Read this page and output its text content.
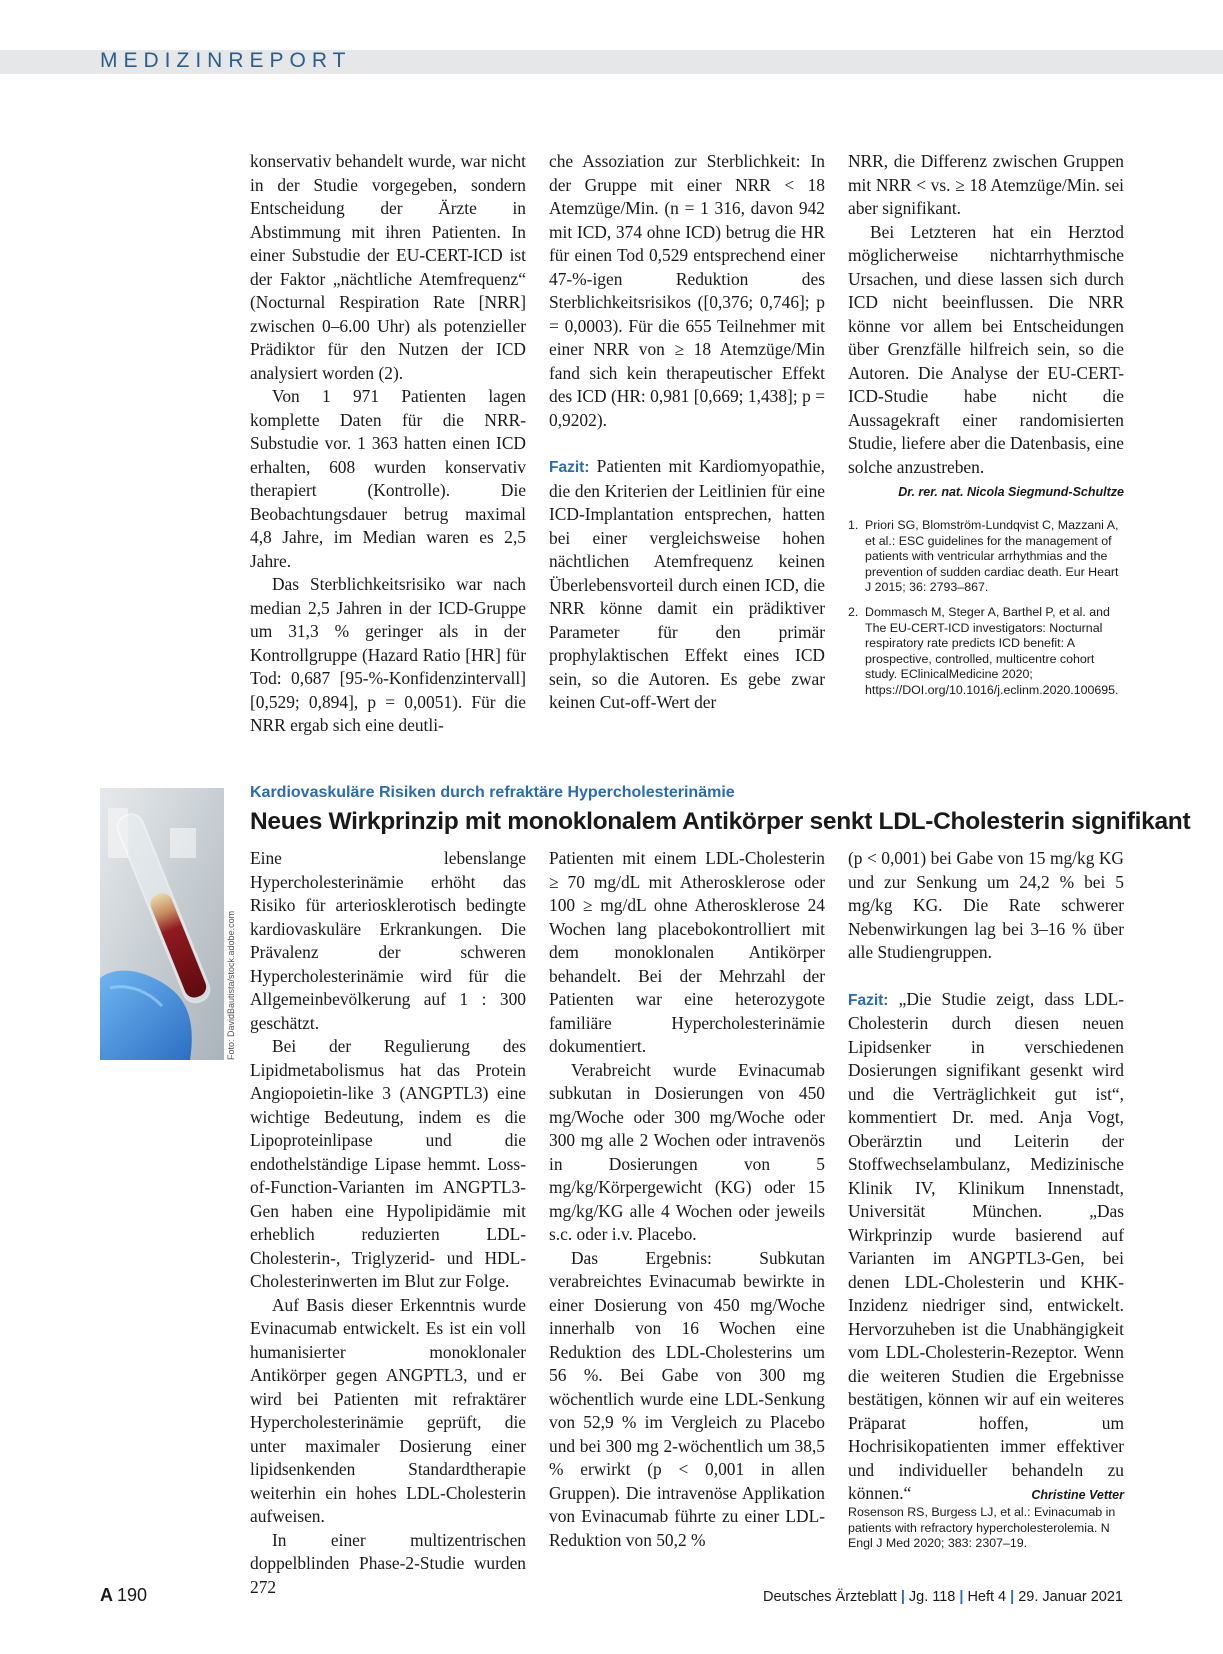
MEDIZINREPORT

konservativ behandelt wurde, war nicht in der Studie vorgegeben, sondern Entscheidung der Ärzte in Abstimmung mit ihren Patienten. In einer Substudie der EU-CERT-ICD ist der Faktor „nächtliche Atemfrequenz“ (Nocturnal Respiration Rate [NRR] zwischen 0–6.00 Uhr) als potenzieller Prädiktor für den Nutzen der ICD analysiert worden (2).

Von 1 971 Patienten lagen komplette Daten für die NRR-Substudie vor. 1 363 hatten einen ICD erhalten, 608 wurden konservativ therapiert (Kontrolle). Die Beobachtungsdauer betrug maximal 4,8 Jahre, im Median waren es 2,5 Jahre.

Das Sterblichkeitsrisiko war nach median 2,5 Jahren in der ICD-Gruppe um 31,3 % geringer als in der Kontrollgruppe (Hazard Ratio [HR] für Tod: 0,687 [95-%-Konfidenzintervall] [0,529; 0,894], p = 0,0051). Für die NRR ergab sich eine deutli-

che Assoziation zur Sterblichkeit: In der Gruppe mit einer NRR < 18 Atemzüge/Min. (n = 1 316, davon 942 mit ICD, 374 ohne ICD) betrug die HR für einen Tod 0,529 entsprechend einer 47-%-igen Reduktion des Sterblichkeitsrisikos ([0,376; 0,746]; p = 0,0003). Für die 655 Teilnehmer mit einer NRR von ≥ 18 Atemzüge/Min fand sich kein therapeutischer Effekt des ICD (HR: 0,981 [0,669; 1,438]; p = 0,9202).

Fazit: Patienten mit Kardiomyopathie, die den Kriterien der Leitlinien für eine ICD-Implantation entsprechen, hatten bei einer vergleichsweise hohen nächtlichen Atemfrequenz keinen Überlebensvorteil durch einen ICD, die NRR könne damit ein prädiktiver Parameter für den primär prophylaktischen Effekt eines ICD sein, so die Autoren. Es gebe zwar keinen Cut-off-Wert der

NRR, die Differenz zwischen Gruppen mit NRR < vs. ≥ 18 Atemzüge/Min. sei aber signifikant.

Bei Letzteren hat ein Herztod möglicherweise nichtarrhythmische Ursachen, und diese lassen sich durch ICD nicht beeinflussen. Die NRR könne vor allem bei Entscheidungen über Grenzfälle hilfreich sein, so die Autoren. Die Analyse der EU-CERT-ICD-Studie habe nicht die Aussagekraft einer randomisierten Studie, liefere aber die Datenbasis, eine solche anzustreben.
Dr. rer. nat. Nicola Siegmund-Schultze

1. Priori SG, Blomström-Lundqvist C, Mazzani A, et al.: ESC guidelines for the management of patients with ventricular arrhythmias and the prevention of sudden cardiac death. Eur Heart J 2015; 36: 2793–867.
2. Dommasch M, Steger A, Barthel P, et al. and The EU-CERT-ICD investigators: Nocturnal respiratory rate predicts ICD benefit: A prospective, controlled, multicentre cohort study. EClinicalMedicine 2020; https://DOI.org/10.1016/j.eclinm.2020.100695.
Foto: DavidBautista/stock.adobe.com
Kardiovaskuläre Risiken durch refraktäre Hypercholesterinämie
Neues Wirkprinzip mit monoklonalem Antikörper senkt LDL-Cholesterin signifikant

Eine lebenslange Hypercholesterinämie erhöht das Risiko für arteriosklerotisch bedingte kardiovaskuläre Erkrankungen. Die Prävalenz der schweren Hypercholesterinämie wird für die Allgemeinbevölkerung auf 1 : 300 geschätzt.

Bei der Regulierung des Lipidmetabolismus hat das Protein Angiopoietin-like 3 (ANGPTL3) eine wichtige Bedeutung, indem es die Lipoproteinlipase und die endothelständige Lipase hemmt. Loss-of-Function-Varianten im ANGPTL3-Gen haben eine Hypolipidämie mit erheblich reduzierten LDL-Cholesterin-, Triglyzerid- und HDL-Cholesterinwerten im Blut zur Folge.

Auf Basis dieser Erkenntnis wurde Evinacumab entwickelt. Es ist ein voll humanisierter monoklonaler Antikörper gegen ANGPTL3, und er wird bei Patienten mit refraktärer Hypercholesterinämie geprüft, die unter maximaler Dosierung einer lipidsenkenden Standardtherapie weiterhin ein hohes LDL-Cholesterin aufweisen.

In einer multizentrischen doppelblinden Phase-2-Studie wurden 272

Patienten mit einem LDL-Cholesterin ≥ 70 mg/dL mit Atherosklerose oder 100 ≥ mg/dL ohne Atherosklerose 24 Wochen lang placebokontrolliert mit dem monoklonalen Antikörper behandelt. Bei der Mehrzahl der Patienten war eine heterozygote familiäre Hypercholesterinämie dokumentiert.

Verabreicht wurde Evinacumab subkutan in Dosierungen von 450 mg/Woche oder 300 mg/Woche oder 300 mg alle 2 Wochen oder intravenös in Dosierungen von 5 mg/kg/Körpergewicht (KG) oder 15 mg/kg/KG alle 4 Wochen oder jeweils s.c. oder i.v. Placebo.

Das Ergebnis: Subkutan verabreichtes Evinacumab bewirkte in einer Dosierung von 450 mg/Woche innerhalb von 16 Wochen eine Reduktion des LDL-Cholesterins um 56 %. Bei Gabe von 300 mg wöchentlich wurde eine LDL-Senkung von 52,9 % im Vergleich zu Placebo und bei 300 mg 2-wöchentlich um 38,5 % erwirkt (p < 0,001 in allen Gruppen). Die intravenöse Applikation von Evinacumab führte zu einer LDL-Reduktion von 50,2 %

(p < 0,001) bei Gabe von 15 mg/kg KG und zur Senkung um 24,2 % bei 5 mg/kg KG. Die Rate schwerer Nebenwirkungen lag bei 3–16 % über alle Studiengruppen.

Fazit: „Die Studie zeigt, dass LDL-Cholesterin durch diesen neuen Lipidsenker in verschiedenen Dosierungen signifikant gesenkt wird und die Verträglichkeit gut ist“, kommentiert Dr. med. Anja Vogt, Oberärztin und Leiterin der Stoffwechselambulanz, Medizinische Klinik IV, Klinikum Innenstadt, Universität München. „Das Wirkprinzip wurde basierend auf Varianten im ANGPTL3-Gen, bei denen LDL-Cholesterin und KHK-Inzidenz niedriger sind, entwickelt. Hervorzuheben ist die Unabhängigkeit vom LDL-Cholesterin-Rezeptor. Wenn die weiteren Studien die Ergebnisse bestätigen, können wir auf ein weiteres Präparat hoffen, um Hochrisikopatienten immer effektiver und individueller behandeln zu können.“	Christine Vetter

Rosenson RS, Burgess LJ, et al.: Evinacumab in patients with refractory hypercholesterolemia. N Engl J Med 2020; 383: 2307–19.
A 190	Deutsches Ärzteblatt | Jg. 118 | Heft 4 | 29. Januar 2021
